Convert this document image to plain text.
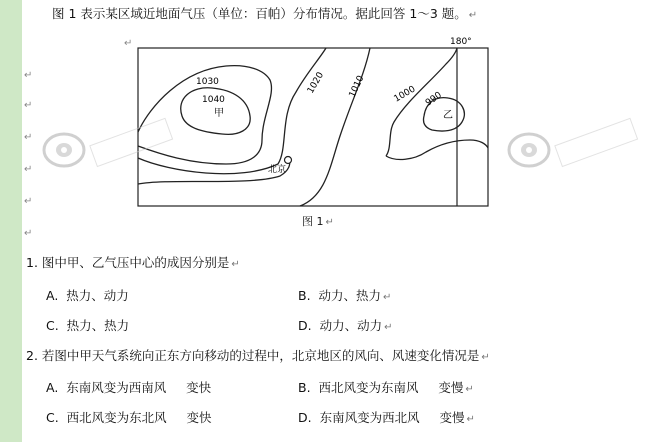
图 1 表示某区域近地面气压（单位：百帕）分布情况。据此回答 1～3 题。 ↵
↵
↵
↵
↵
↵
↵
↵
180°
1030
1040
1020 1010	1000 990
甲	乙
北京
图 1 ↵
1. 图中甲、乙气压中心的成因分别是 ↵
A. 热力、动力	B. 动力、热力 ↵
C. 热力、热力	D. 动力、动力 ↵
2. 若图中甲天气系统向正东方向移动的过程中，北京地区的风向、风速变化情况是 ↵
A. 东南风变为西南风 变快	B. 西北风变为东南风 变慢 ↵
C. 西北风变为东北风 变快	D. 东南风变为西北风 变慢 ↵
